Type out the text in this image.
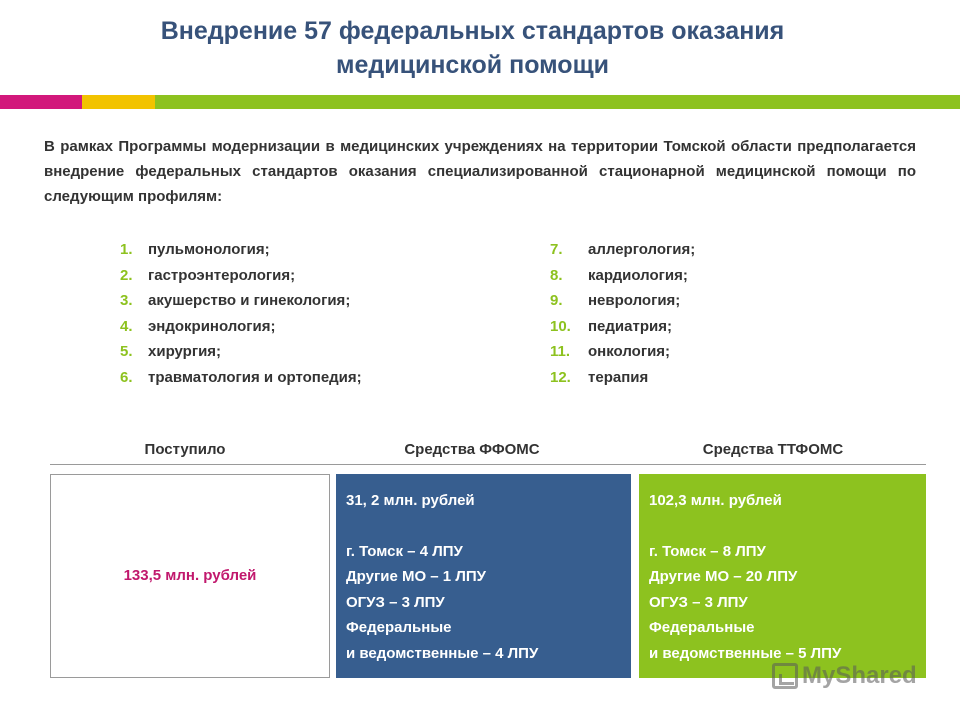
Внедрение 57 федеральных стандартов оказания
медицинской помощи

В рамках Программы модернизации в медицинских учреждениях на территории Томской области предполагается внедрение федеральных стандартов оказания специализированной стационарной медицинской помощи по следующим профилям:

1. пульмонология;
2. гастроэнтерология;
3. акушерство и гинекология;
4. эндокринология;
5. хирургия;
6. травматология и ортопедия;
7. аллергология;
8. кардиология;
9. неврология;
10. педиатрия;
11. онкология;
12. терапия
Поступило	Средства ФФОМС	Средства ТТФОМС
133,5 млн. рублей
31, 2 млн. рублей
г. Томск – 4 ЛПУ
Другие МО – 1 ЛПУ
ОГУЗ – 3 ЛПУ
Федеральные
и ведомственные – 4 ЛПУ
102,3 млн. рублей
г. Томск – 8 ЛПУ
Другие МО – 20 ЛПУ
ОГУЗ – 3 ЛПУ
Федеральные
и ведомственные – 5 ЛПУ
MyShared
